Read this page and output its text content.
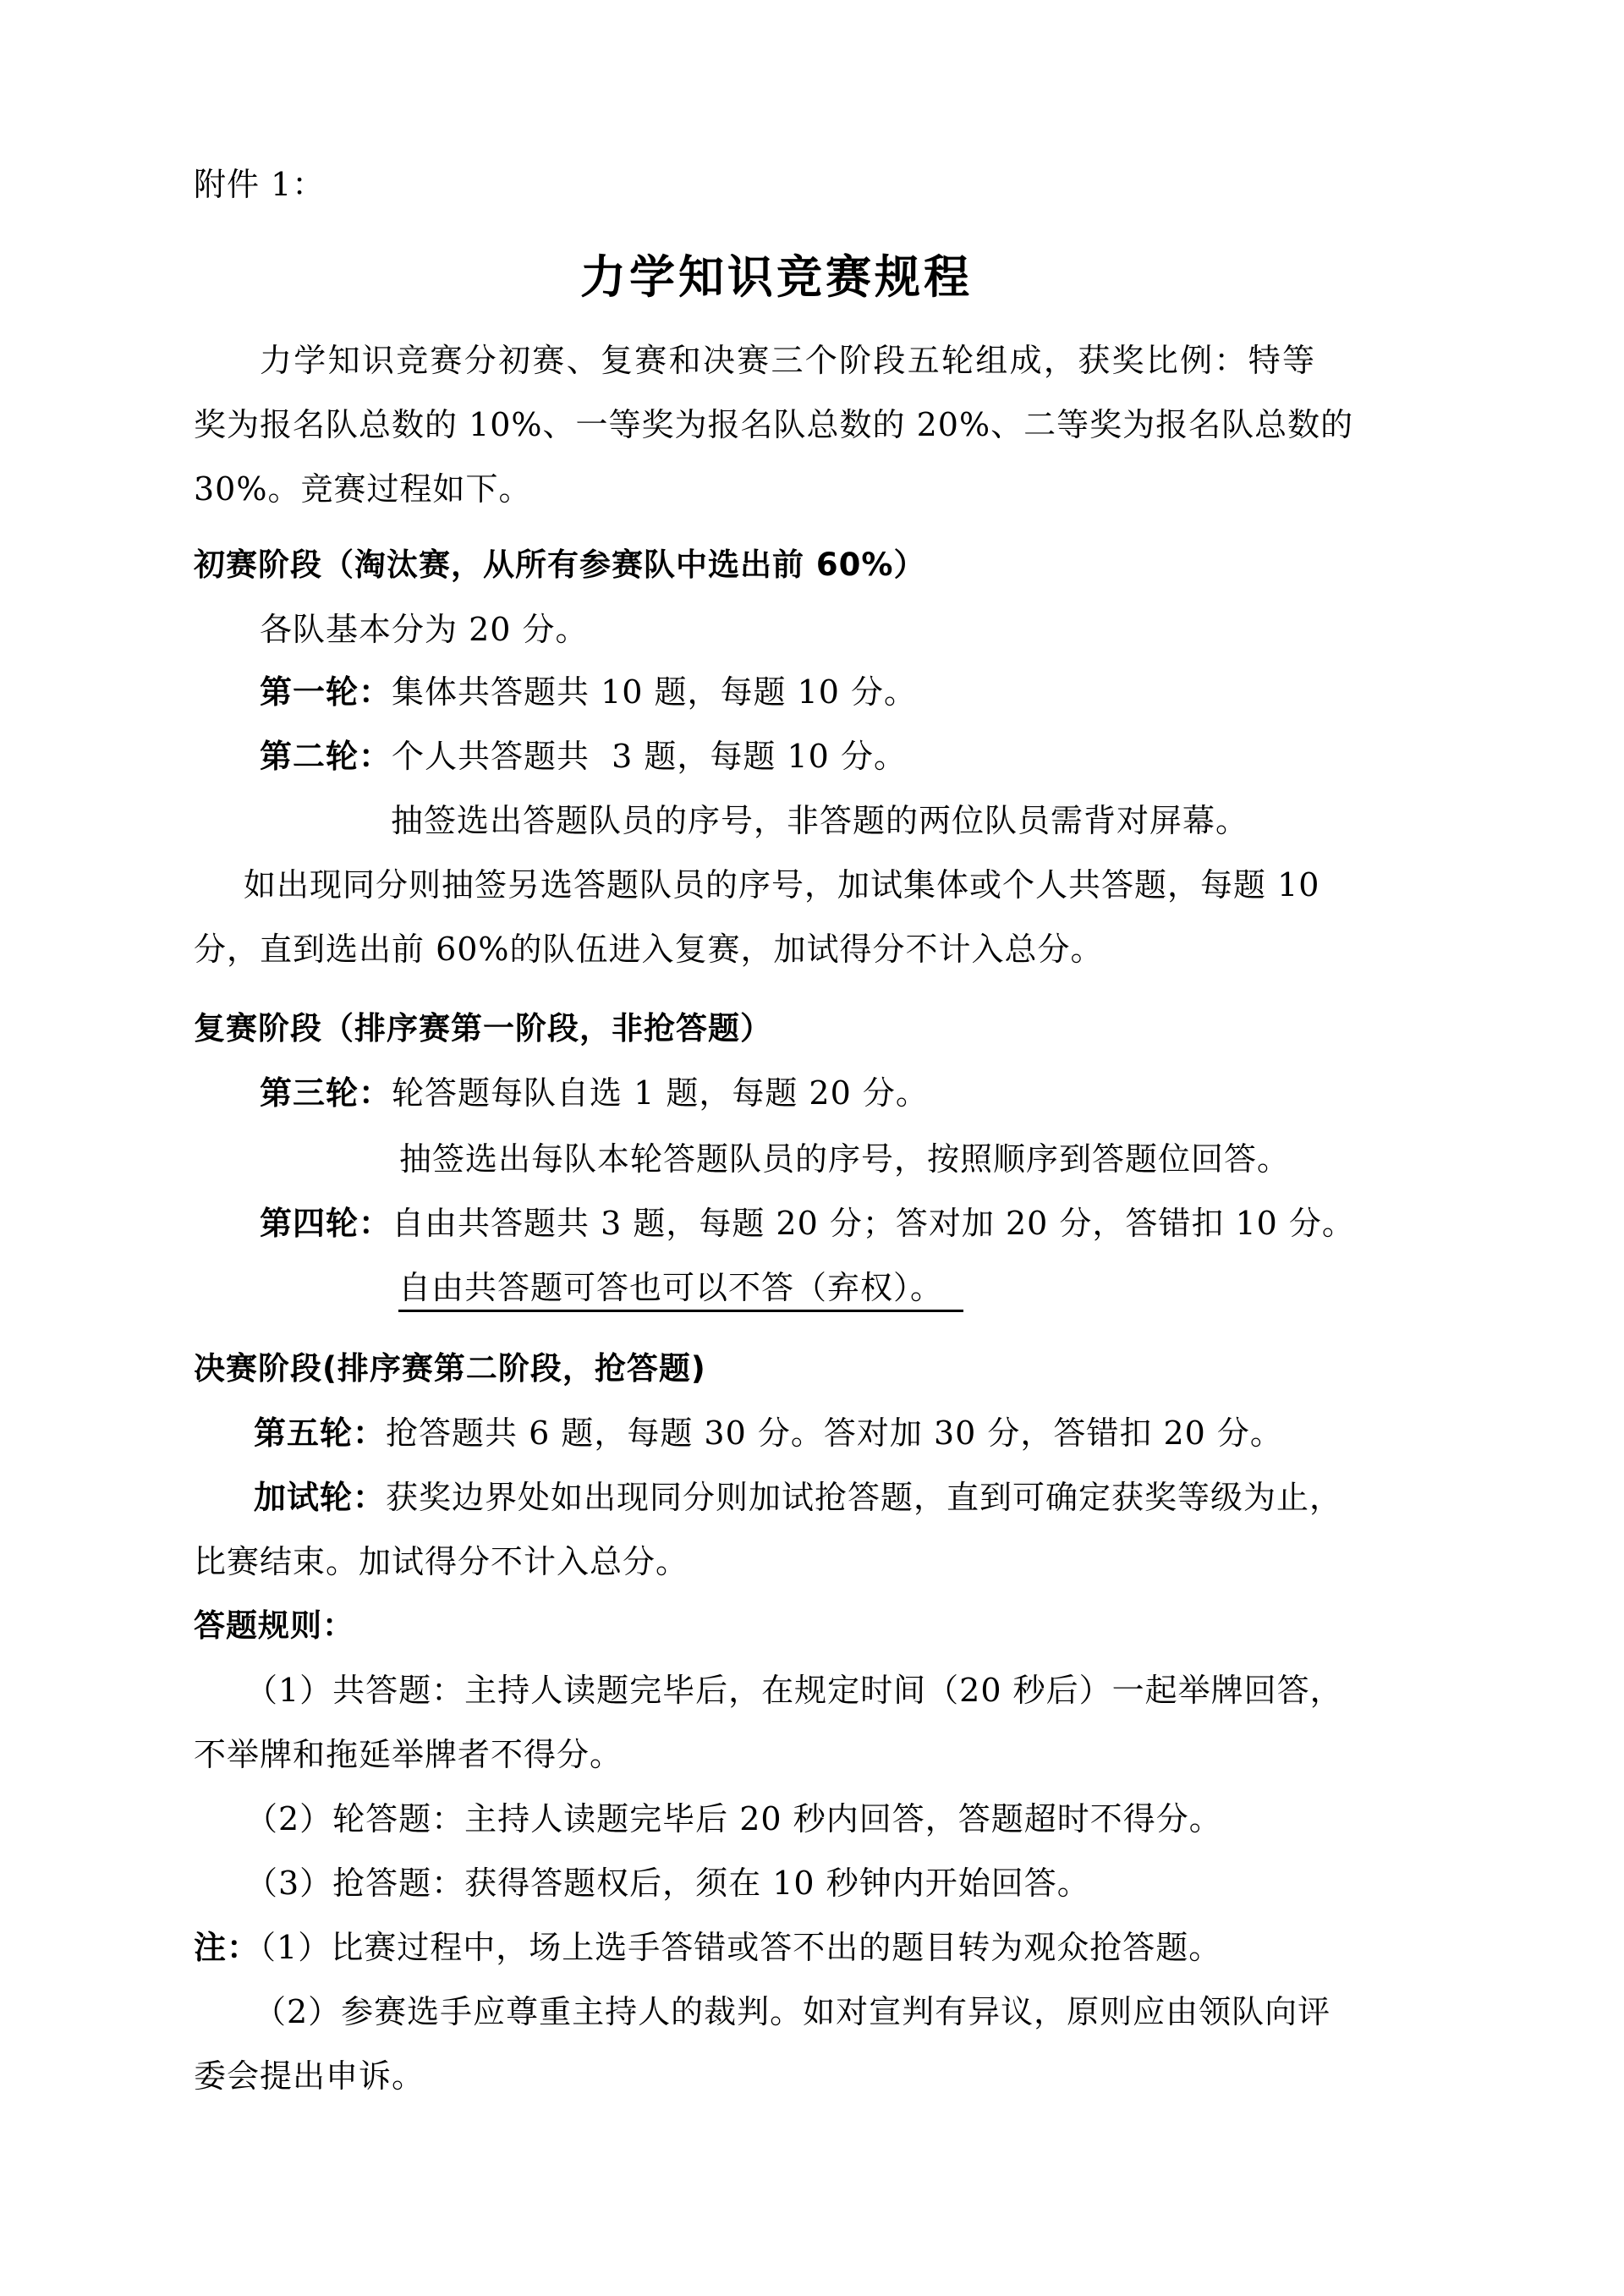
附件 1：
力学知识竞赛规程
力学知识竞赛分初赛、复赛和决赛三个阶段五轮组成，获奖比例：特等
奖为报名队总数的 10%、一等奖为报名队总数的 20%、二等奖为报名队总数的
30%。竞赛过程如下。
初赛阶段（淘汰赛，从所有参赛队中选出前 60%）
各队基本分为 20 分。
第一轮：集体共答题共 10 题，每题 10 分。
第二轮：个人共答题共  3 题，每题 10 分。
抽签选出答题队员的序号，非答题的两位队员需背对屏幕。
如出现同分则抽签另选答题队员的序号，加试集体或个人共答题，每题 10
分，直到选出前 60%的队伍进入复赛，加试得分不计入总分。
复赛阶段（排序赛第一阶段，非抢答题）
第三轮：轮答题每队自选 1 题，每题 20 分。
抽签选出每队本轮答题队员的序号，按照顺序到答题位回答。
第四轮：自由共答题共 3 题，每题 20 分；答对加 20 分，答错扣 10 分。
自由共答题可答也可以不答（弃权）。
决赛阶段(排序赛第二阶段，抢答题)
第五轮：抢答题共 6 题，每题 30 分。答对加 30 分，答错扣 20 分。
加试轮：获奖边界处如出现同分则加试抢答题，直到可确定获奖等级为止，
比赛结束。加试得分不计入总分。
答题规则：
（1）共答题：主持人读题完毕后，在规定时间（20 秒后）一起举牌回答，
不举牌和拖延举牌者不得分。
（2）轮答题：主持人读题完毕后 20 秒内回答，答题超时不得分。
（3）抢答题：获得答题权后，须在 10 秒钟内开始回答。
注：（1）比赛过程中，场上选手答错或答不出的题目转为观众抢答题。
（2）参赛选手应尊重主持人的裁判。如对宣判有异议，原则应由领队向评
委会提出申诉。
